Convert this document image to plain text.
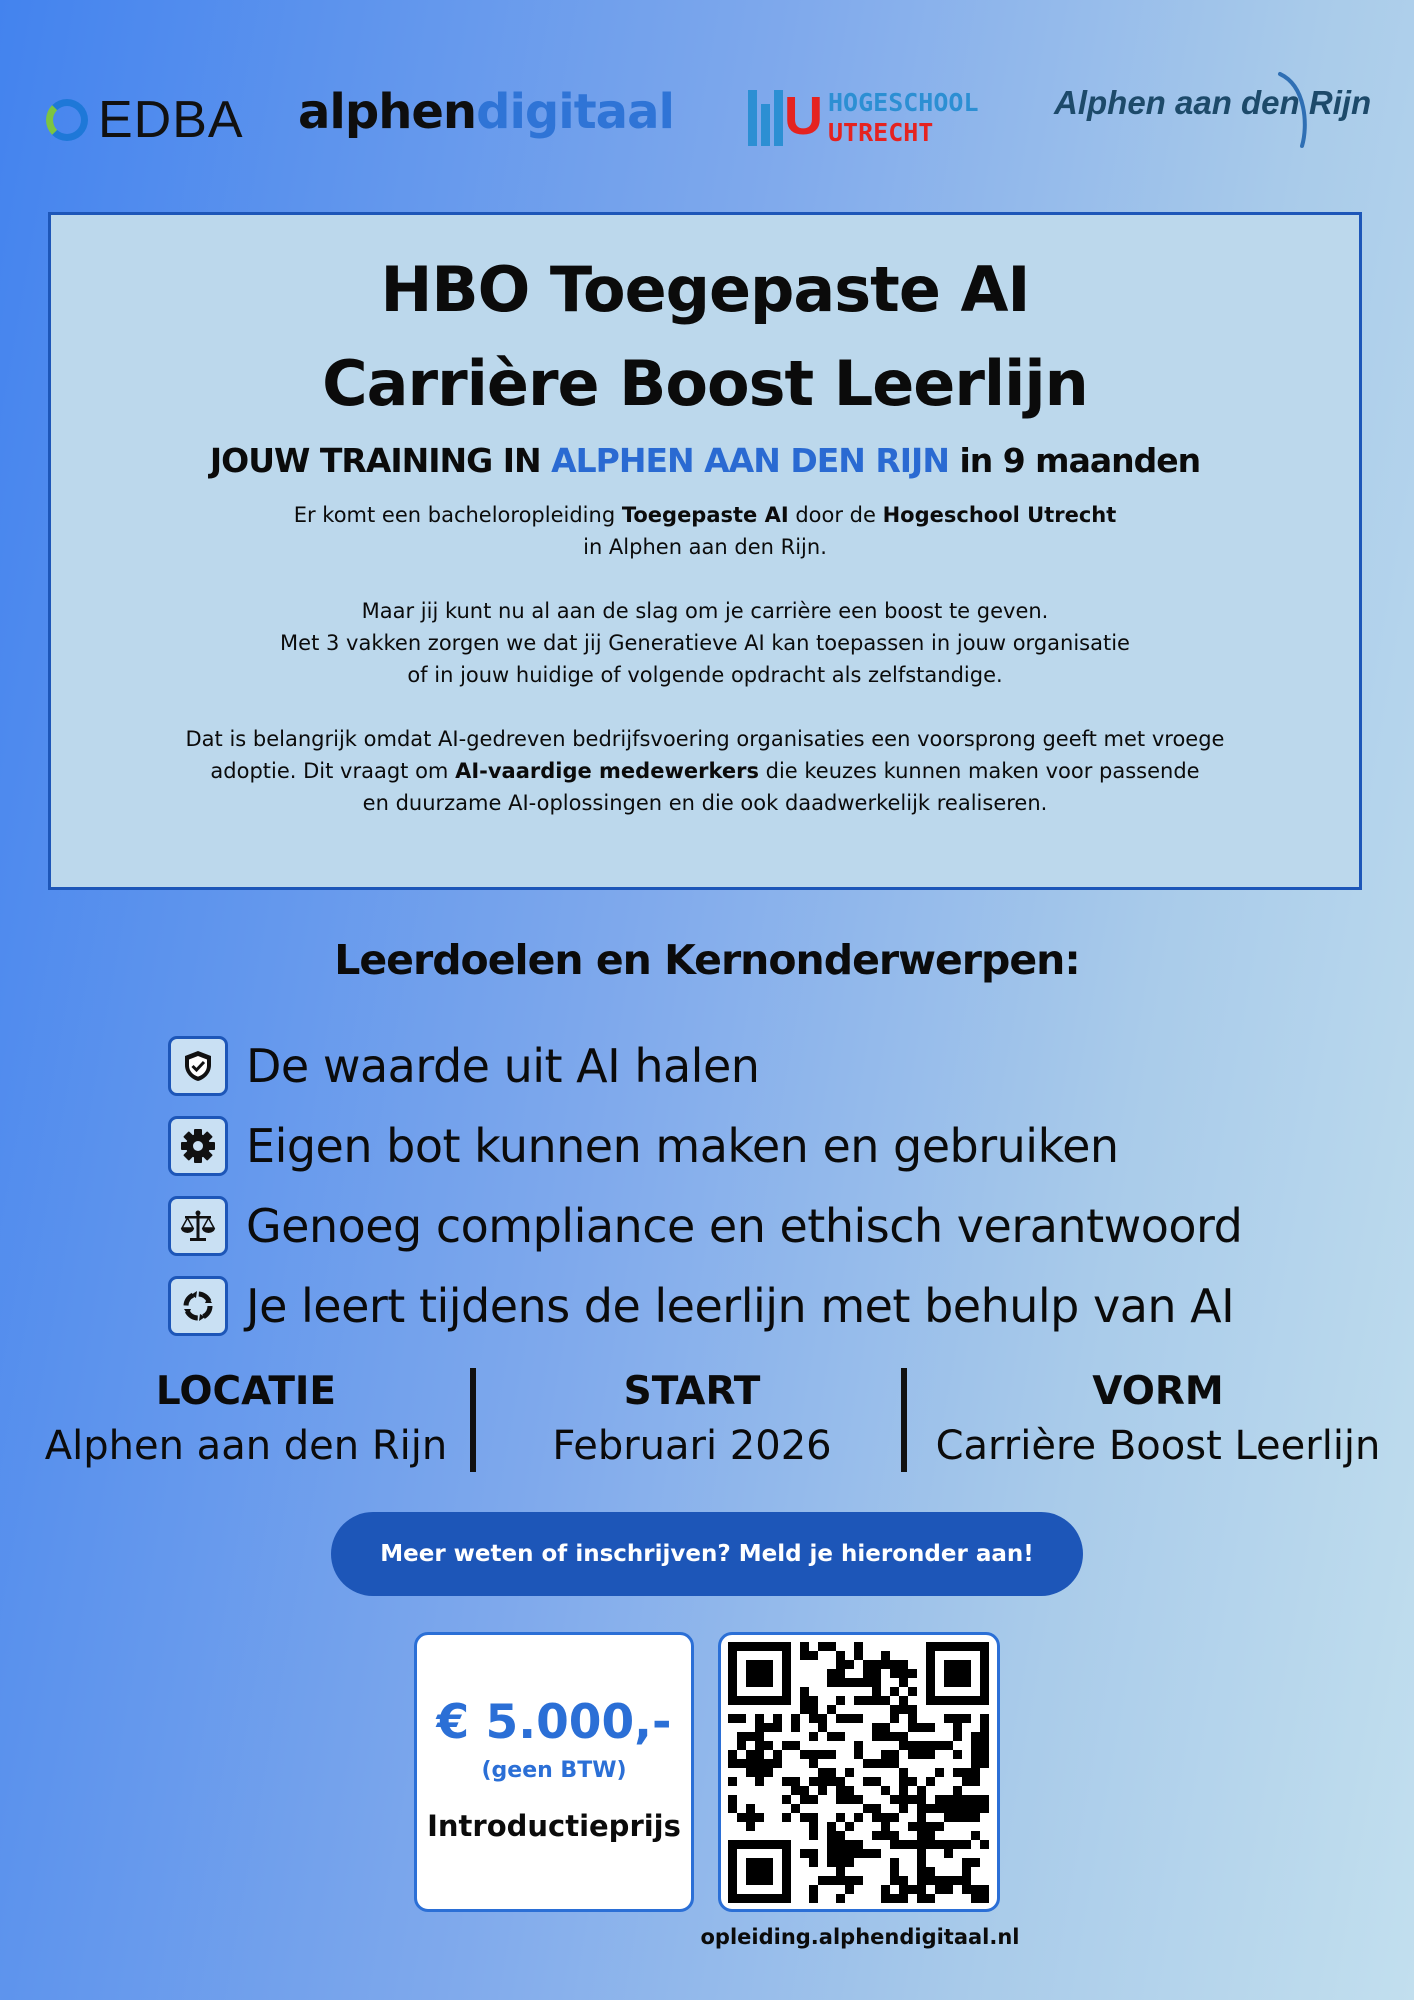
EDBA alphendigitaal U HOGESCHOOL
UTRECHT
Alphen aan den Rijn
HBO Toegepaste AI
Carrière Boost Leerlijn
JOUW TRAINING IN ALPHEN AAN DEN RIJN in 9 maanden
Er komt een bacheloropleiding Toegepaste AI door de Hogeschool Utrecht
in Alphen aan den Rijn.
Maar jij kunt nu al aan de slag om je carrière een boost te geven.
Met 3 vakken zorgen we dat jij Generatieve AI kan toepassen in jouw organisatie
of in jouw huidige of volgende opdracht als zelfstandige.
Dat is belangrijk omdat AI-gedreven bedrijfsvoering organisaties een voorsprong geeft met vroege
adoptie. Dit vraagt om AI-vaardige medewerkers die keuzes kunnen maken voor passende
en duurzame AI-oplossingen en die ook daadwerkelijk realiseren.
Leerdoelen en Kernonderwerpen:
De waarde uit AI halen
Eigen bot kunnen maken en gebruiken
Genoeg compliance en ethisch verantwoord
Je leert tijdens de leerlijn met behulp van AI
LOCATIE
Alphen aan den Rijn
START
Februari 2026
VORM
Carrière Boost Leerlijn
Meer weten of inschrijven? Meld je hieronder aan!
€ 5.000,-
(geen BTW)
Introductieprijs
opleiding.alphendigitaal.nl
